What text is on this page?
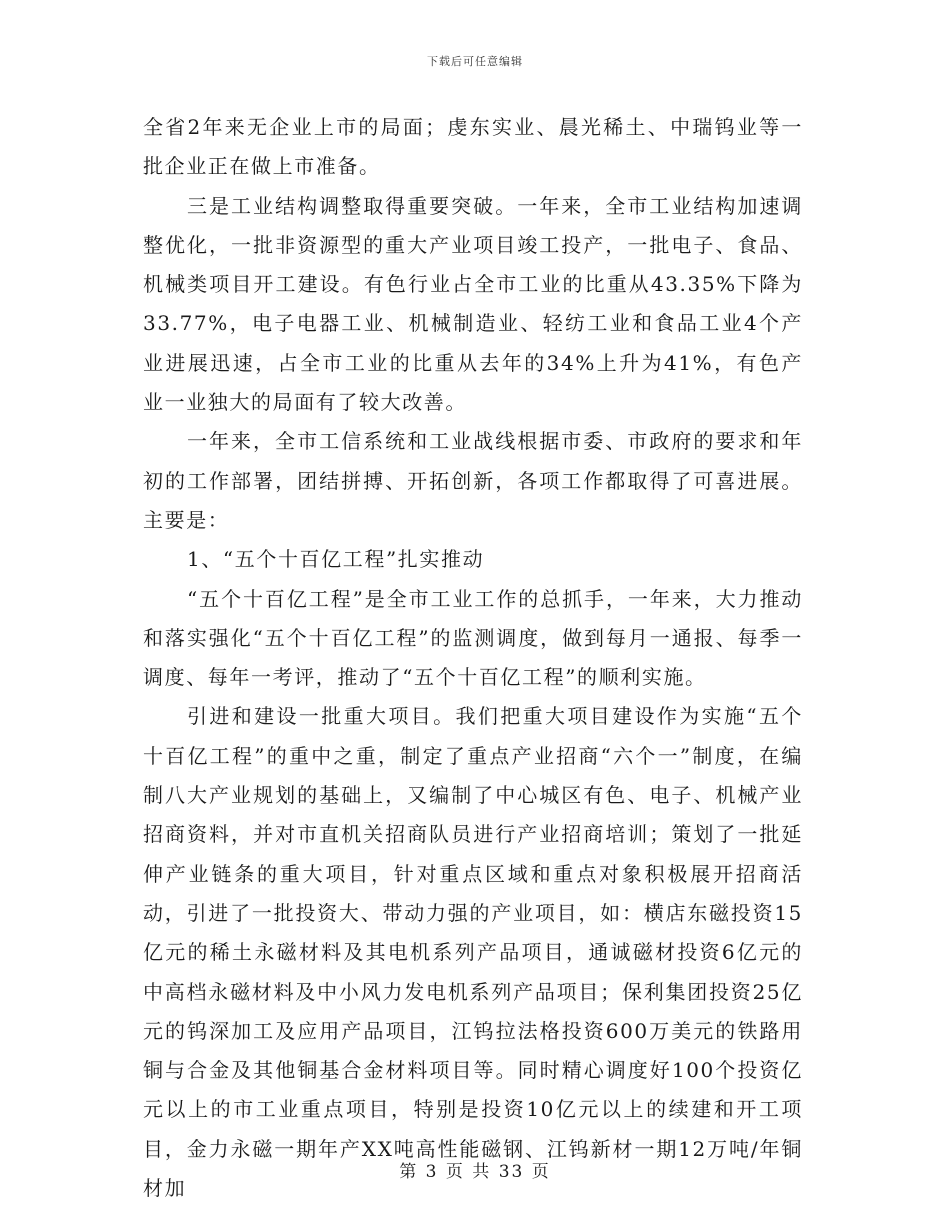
下载后可任意编辑

全省2年来无企业上市的局面；虔东实业、晨光稀土、中瑞钨业等一批企业正在做上市准备。

三是工业结构调整取得重要突破。一年来，全市工业结构加速调整优化，一批非资源型的重大产业项目竣工投产，一批电子、食品、机械类项目开工建设。有色行业占全市工业的比重从43.35%下降为33.77%，电子电器工业、机械制造业、轻纺工业和食品工业4个产业进展迅速，占全市工业的比重从去年的34%上升为41%，有色产业一业独大的局面有了较大改善。

一年来，全市工信系统和工业战线根据市委、市政府的要求和年初的工作部署，团结拼搏、开拓创新，各项工作都取得了可喜进展。主要是：

1、“五个十百亿工程”扎实推动

“五个十百亿工程”是全市工业工作的总抓手，一年来，大力推动和落实强化“五个十百亿工程”的监测调度，做到每月一通报、每季一调度、每年一考评，推动了“五个十百亿工程”的顺利实施。

引进和建设一批重大项目。我们把重大项目建设作为实施“五个十百亿工程”的重中之重，制定了重点产业招商“六个一”制度，在编制八大产业规划的基础上，又编制了中心城区有色、电子、机械产业招商资料，并对市直机关招商队员进行产业招商培训；策划了一批延伸产业链条的重大项目，针对重点区域和重点对象积极展开招商活动，引进了一批投资大、带动力强的产业项目，如：横店东磁投资15亿元的稀土永磁材料及其电机系列产品项目，通诚磁材投资6亿元的中高档永磁材料及中小风力发电机系列产品项目；保利集团投资25亿元的钨深加工及应用产品项目，江钨拉法格投资600万美元的铁路用铜与合金及其他铜基合金材料项目等。同时精心调度好100个投资亿元以上的市工业重点项目，特别是投资10亿元以上的续建和开工项目，金力永磁一期年产XX吨高性能磁钢、江钨新材一期12万吨/年铜材加

第 3 页 共 33 页
